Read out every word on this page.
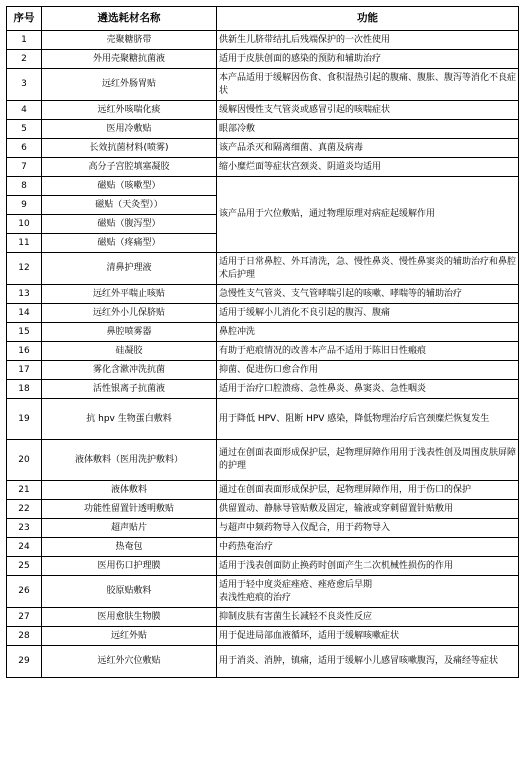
序号	遴选耗材名称	功能
1	売聚糖脐带	供新生儿脐带结扎后残端保护的一次性使用
2	外用壳聚糖抗菌液	适用于皮肤创面的感染的预防和辅助治疗
3	远红外肠胃贴	本产品适用于缓解因伤食、食积湿热引起的腹痛、腹胀、腹泻等消化不良症状
4	远红外咳喘化痰	缓解因慢性支气管炎或感冒引起的咳喘症状
5	医用冷敷贴	眼部冷敷
6	长效抗菌材料(喷雾)	该产品杀灭和隔离细菌、真菌及病毒
7	高分子宫腔填塞凝胶	缩小糜烂面等症状宫颈炎、阴道炎均适用
8	磁贴（咳嗽型）	该产品用于穴位敷贴，通过物理原理对病症起缓解作用
9	磁贴（天灸型））	
10	磁贴（腹泻型）	
11	磁贴（疼痛型）	
12	清鼻护理液	适用于日常鼻腔、外耳清洗，急、慢性鼻炎、慢性鼻窦炎的辅助治疗和鼻腔术后护理
13	远红外平喘止咳贴	急慢性支气管炎、支气管哮喘引起的咳嗽、哮喘等的辅助治疗
14	远红外小儿保脐贴	适用于缓解小儿消化不良引起的腹泻、腹痛
15	鼻腔喷雾器	鼻腔冲洗
16	硅凝胶	有助于疤痕情况的改善本产品不适用于陈旧日性瘢痕
17	雾化含漱冲洗抗菌	抑菌、促进伤口愈合作用
18	活性银离子抗菌液	适用于治疗口腔溃疡、急性鼻炎、鼻窦炎、急性咽炎
19	抗 hpv 生物蛋白敷料	用于降低 HPV、阻断 HPV 感染，降低物理治疗后宫颈糜烂恢复发生
20	液体敷料（医用洗护敷料）	通过在创面表面形成保护层，起物理屏障作用用于浅表性创及周围皮肤屏障的护理
21	液体敷料	通过在创面表面形成保护层，起物理屏障作用，用于伤口的保护
22	功能性留置针透明敷贴	供留置动、静脉导管贴敷及固定，输液或穿刺留置针贴敷用
23	超声贴片	与超声中频药物导入仪配合，用于药物导入
24	热奄包	中药热奄治疗
25	医用伤口护理膜	适用于浅表创面防止换药时创面产生二次机械性损伤的作用
26	胶原贴敷料	适用于轻中度炎症痤疮、痤疮愈后早期
表浅性疤痕的治疗

27	医用愈肤生物膜	抑制皮肤有害菌生长减轻不良炎性反应
28	远红外贴	用于促进局部血液循环，适用于缓解咳嗽症状
29	远红外穴位敷贴	用于消炎、消肿，镇痛，适用于缓解小儿感冒咳嗽腹泻，及痛经等症状
